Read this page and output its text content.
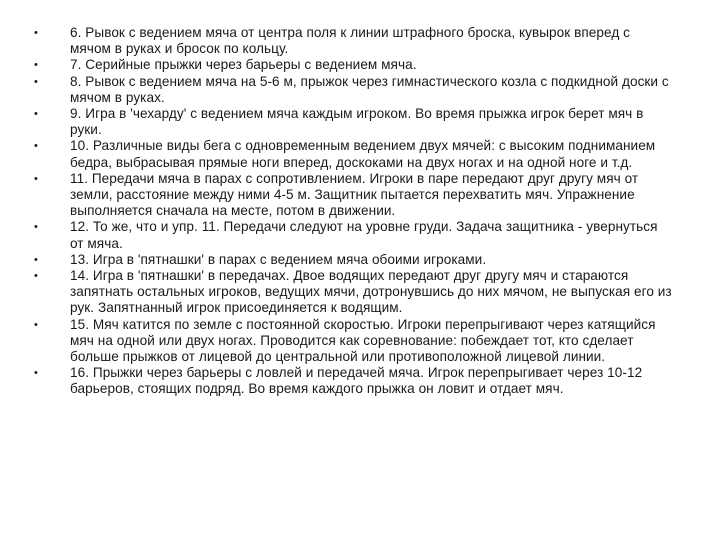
• 6. Рывок с ведением мяча от центра поля к линии штрафного броска, кувырок вперед с мячом в руках и бросок по кольцу.
• 7. Серийные прыжки через барьеры с ведением мяча.
• 8. Рывок с ведением мяча на 5-6 м, прыжок через гимнастического козла с подкидной доски с мячом в руках.
• 9. Игра в 'чехарду' с ведением мяча каждым игроком. Во время прыжка игрок берет мяч в руки.
• 10. Различные виды бега с одновременным ведением двух мячей: с высоким подниманием бедра, выбрасывая прямые ноги вперед, доскоками на двух ногах и на одной ноге и т.д.
• 11. Передачи мяча в парах с сопротивлением. Игроки в паре передают друг другу мяч от земли, расстояние между ними 4-5 м. Защитник пытается перехватить мяч. Упражнение выполняется сначала на месте, потом в движении.
• 12. То же, что и упр. 11. Передачи следуют на уровне груди. Задача защитника - увернуться от мяча.
• 13. Игра в 'пятнашки' в парах с ведением мяча обоими игроками.
• 14. Игра в 'пятнашки' в передачах. Двое водящих передают друг другу мяч и стараются запятнать остальных игроков, ведущих мячи, дотронувшись до них мячом, не выпуская его из рук. Запятнанный игрок присоединяется к водящим.
• 15. Мяч катится по земле с постоянной скоростью. Игроки перепрыгивают через катящийся мяч на одной или двух ногах. Проводится как соревнование: побеждает тот, кто сделает больше прыжков от лицевой до центральной или противоположной лицевой линии.
• 16. Прыжки через барьеры с ловлей и передачей мяча. Игрок перепрыгивает через 10-12 барьеров, стоящих подряд. Во время каждого прыжка он ловит и отдает мяч.
